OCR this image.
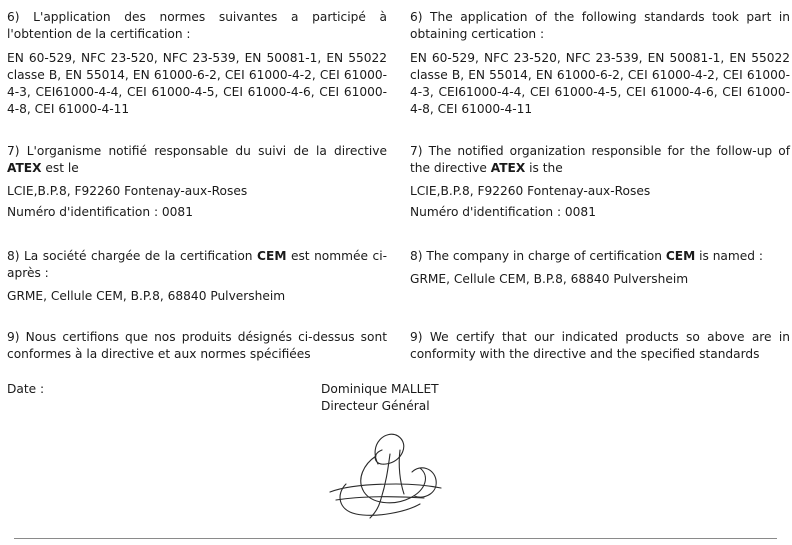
6) L'application des normes suivantes a participé à l'obtention de la certification :

EN 60-529, NFC 23-520, NFC 23-539, EN 50081-1, EN 55022 classe B, EN 55014, EN 61000-6-2, CEI 61000-4-2, CEI 61000-4-3, CEI61000-4-4, CEI 61000-4-5, CEI 61000-4-6, CEI 61000-4-8, CEI 61000-4-11

7) L'organisme notifié responsable du suivi de la directive ATEX est le

LCIE,B.P.8, F92260 Fontenay-aux-Roses

Numéro d'identification : 0081

8) La société chargée de la certification CEM est nommée ci-après :

GRME, Cellule CEM, B.P.8, 68840 Pulversheim

9) Nous certifions que nos produits désignés ci-dessus sont conformes à la directive et aux normes spécifiées

6) The application of the following standards took part in obtaining certication :

EN 60-529, NFC 23-520, NFC 23-539, EN 50081-1, EN 55022 classe B, EN 55014, EN 61000-6-2, CEI 61000-4-2, CEI 61000-4-3, CEI61000-4-4, CEI 61000-4-5, CEI 61000-4-6, CEI 61000-4-8, CEI 61000-4-11

7) The notified organization responsible for the follow-up of the directive ATEX is the

LCIE,B.P.8, F92260 Fontenay-aux-Roses

Numéro d'identification : 0081

8) The company in charge of certification CEM is named :

GRME, Cellule CEM, B.P.8, 68840 Pulversheim

9) We certify that our indicated products so above are in conformity with the directive and the specified standards

Date :	Dominique MALLET
Directeur Général
